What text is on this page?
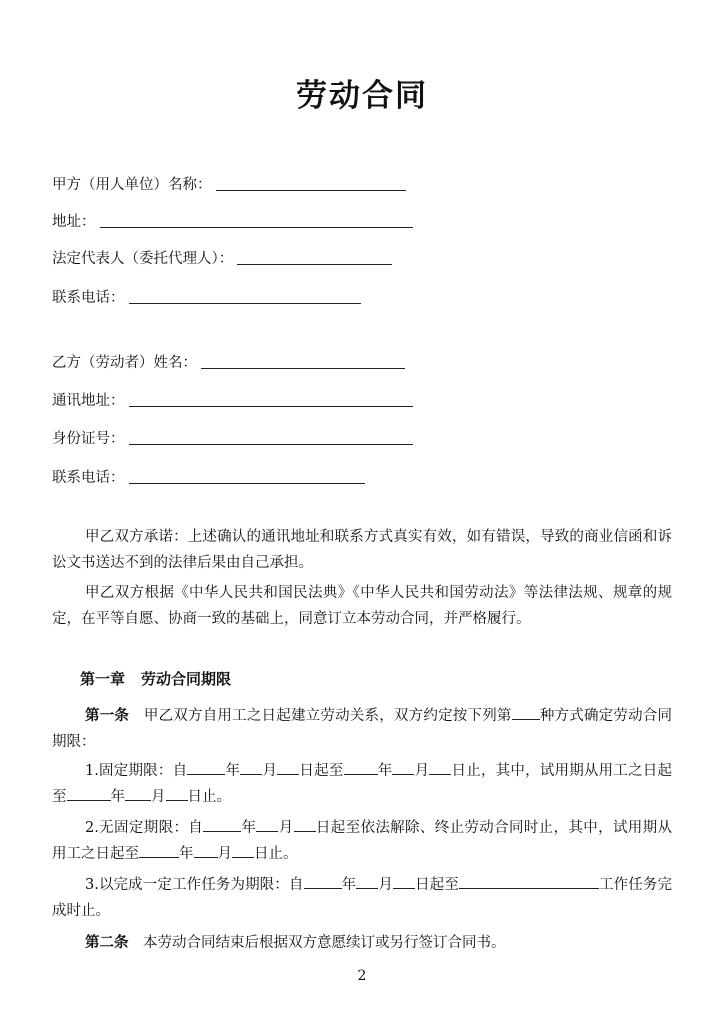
劳动合同
甲方（用人单位）名称：
地址：
法定代表人（委托代理人）：
联系电话：
乙方（劳动者）姓名：
通讯地址：
身份证号：
联系电话：
甲乙双方承诺：上述确认的通讯地址和联系方式真实有效，如有错误，导致的商业信函和诉讼文书送达不到的法律后果由自己承担。
甲乙双方根据《中华人民共和国民法典》《中华人民共和国劳动法》等法律法规、规章的规定，在平等自愿、协商一致的基础上，同意订立本劳动合同，并严格履行。
第一章 劳动合同期限
第一条　 甲乙双方自用工之日起建立劳动关系，双方约定按下列第 种方式确定劳动合同期限：
1.固定期限：自	年 月 日起至 年 月 日止，其中，试用期从用工之日起至	年 月 日止。
2.无固定期限：自	年 月 日起至依法解除、终止劳动合同时止，其中，试用期从用工之日起至	年 月 日止。
3.以完成一定工作任务为期限：自	年 月 日起至	工作任务完成时止。
第二条　 本劳动合同结束后根据双方意愿续订或另行签订合同书。
2
